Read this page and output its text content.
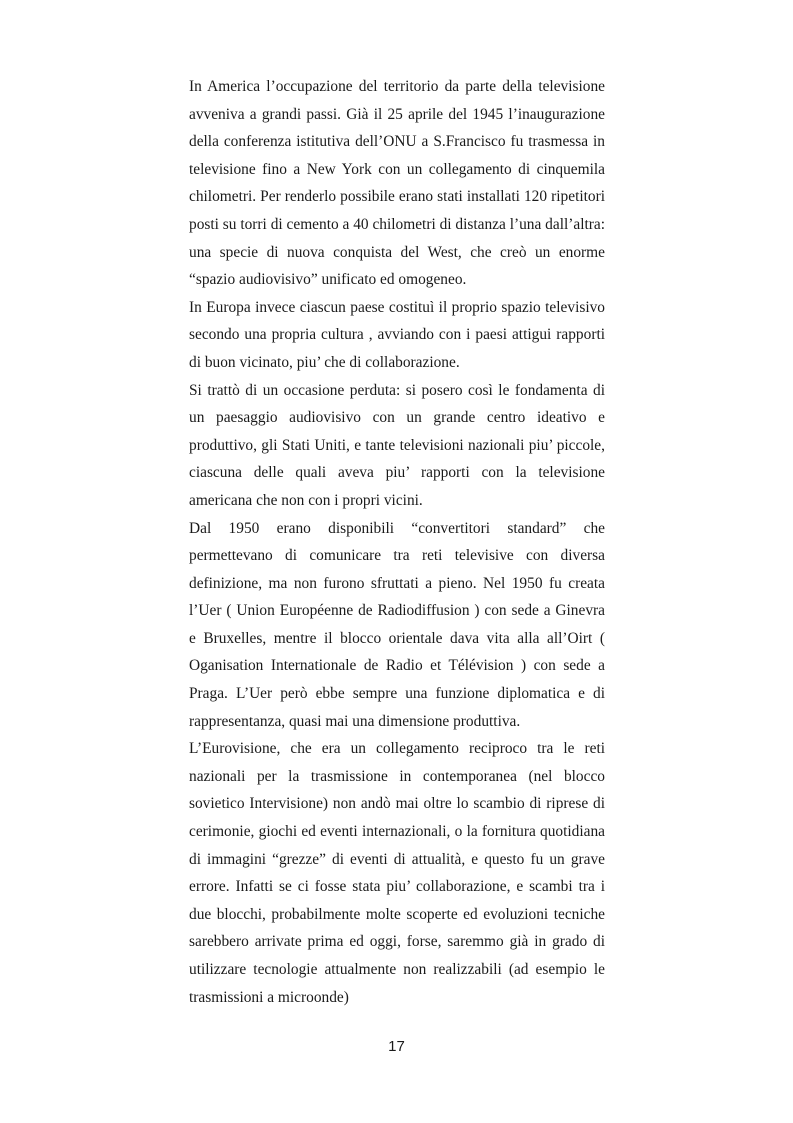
In America l’occupazione del territorio da parte della televisione avveniva a grandi passi. Già il 25 aprile del 1945 l’inaugurazione della conferenza istitutiva dell’ONU a S.Francisco fu trasmessa in televisione fino a New York con un collegamento di cinquemila chilometri. Per renderlo possibile erano stati installati 120 ripetitori posti su torri di cemento a 40 chilometri di distanza l’una dall’altra: una specie di nuova conquista del West, che creò un enorme “spazio audiovisivo” unificato ed omogeneo.

In Europa invece ciascun paese costituì il proprio spazio televisivo secondo una propria cultura , avviando con i paesi attigui rapporti di buon vicinato, piu’ che di collaborazione.

Si trattò di un occasione perduta: si posero così le fondamenta di un paesaggio audiovisivo con un grande centro ideativo e produttivo, gli Stati Uniti, e tante televisioni nazionali piu’ piccole, ciascuna delle quali aveva piu’ rapporti con la televisione americana che non con i propri vicini.

Dal 1950 erano disponibili “convertitori standard” che permettevano di comunicare tra reti televisive con diversa definizione, ma non furono sfruttati a pieno. Nel 1950 fu creata l’Uer ( Union Européenne de Radiodiffusion ) con sede a Ginevra e Bruxelles, mentre il blocco orientale dava vita alla all’Oirt ( Oganisation Internationale de Radio et Télévision ) con sede a Praga. L’Uer però ebbe sempre una funzione diplomatica e di rappresentanza, quasi mai una dimensione produttiva.

L’Eurovisione, che era un collegamento reciproco tra le reti nazionali per la trasmissione in contemporanea (nel blocco sovietico Intervisione) non andò mai oltre lo scambio di riprese di cerimonie, giochi ed eventi internazionali, o la fornitura quotidiana di immagini “grezze” di eventi di attualità, e questo fu un grave errore. Infatti se ci fosse stata piu’ collaborazione, e scambi tra i due blocchi, probabilmente molte scoperte ed evoluzioni tecniche sarebbero arrivate prima ed oggi, forse, saremmo già in grado di utilizzare tecnologie attualmente non realizzabili (ad esempio le trasmissioni a microonde)

17
